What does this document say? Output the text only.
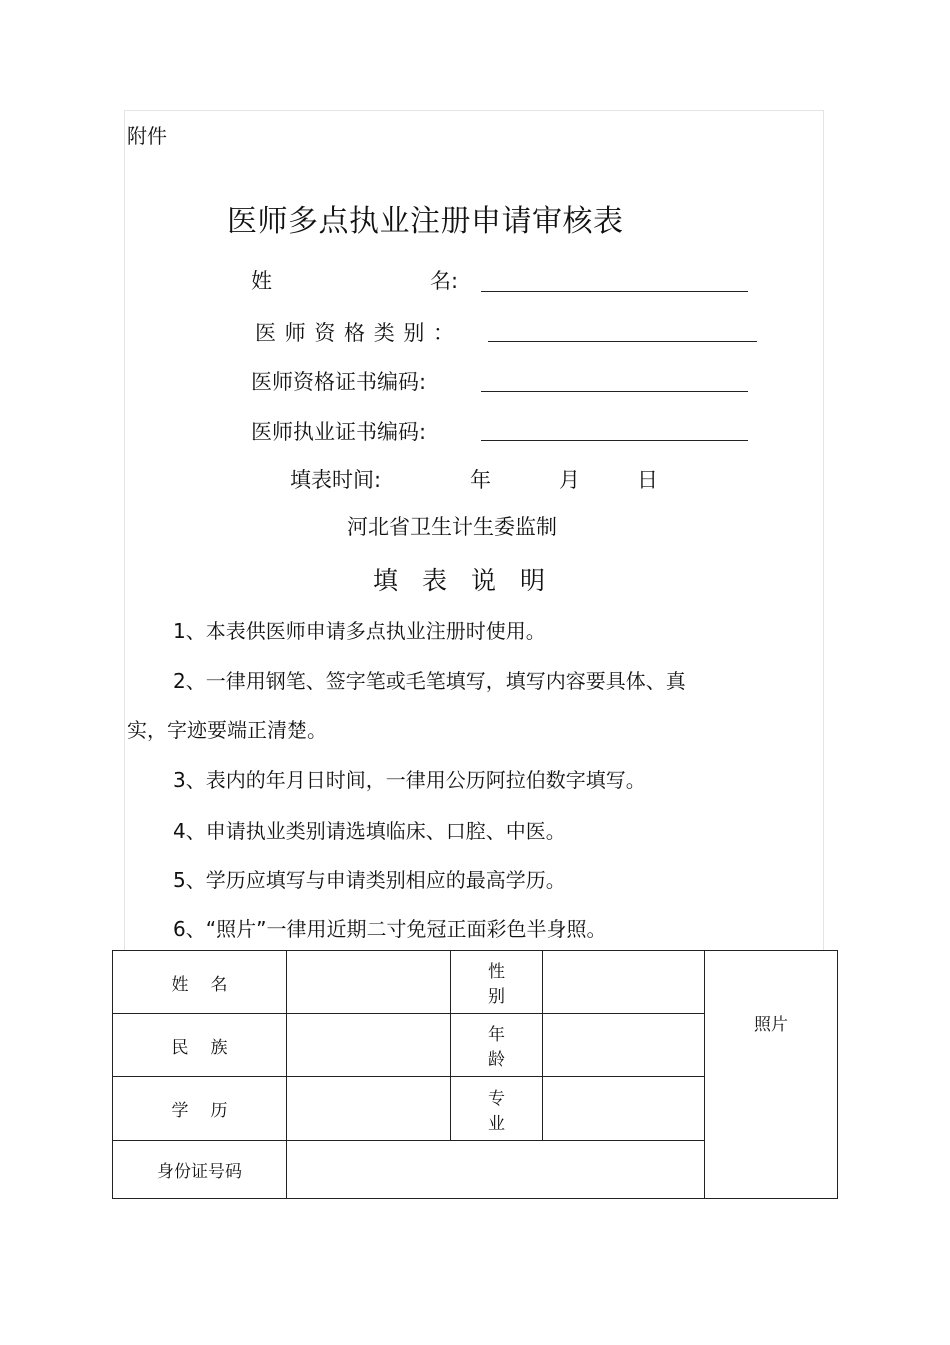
附件
医师多点执业注册申请审核表
姓	名:
医 师 资 格 类 别 ：
医师资格证书编码:
医师执业证书编码:
填表时间:	年	月	日
河北省卫生计生委监制
填表说明
1、本表供医师申请多点执业注册时使用。
2、一律用钢笔、签字笔或毛笔填写，填写内容要具体、真
实，字迹要端正清楚。
3、表内的年月日时间，一律用公历阿拉伯数字填写。
4、申请执业类别请选填临床、口腔、中医。
5、学历应填写与申请类别相应的最高学历。
6、“照片”一律用近期二寸免冠正面彩色半身照。
姓名		性别		照片
民族		年龄		
学历		专业		
身份证号码				
